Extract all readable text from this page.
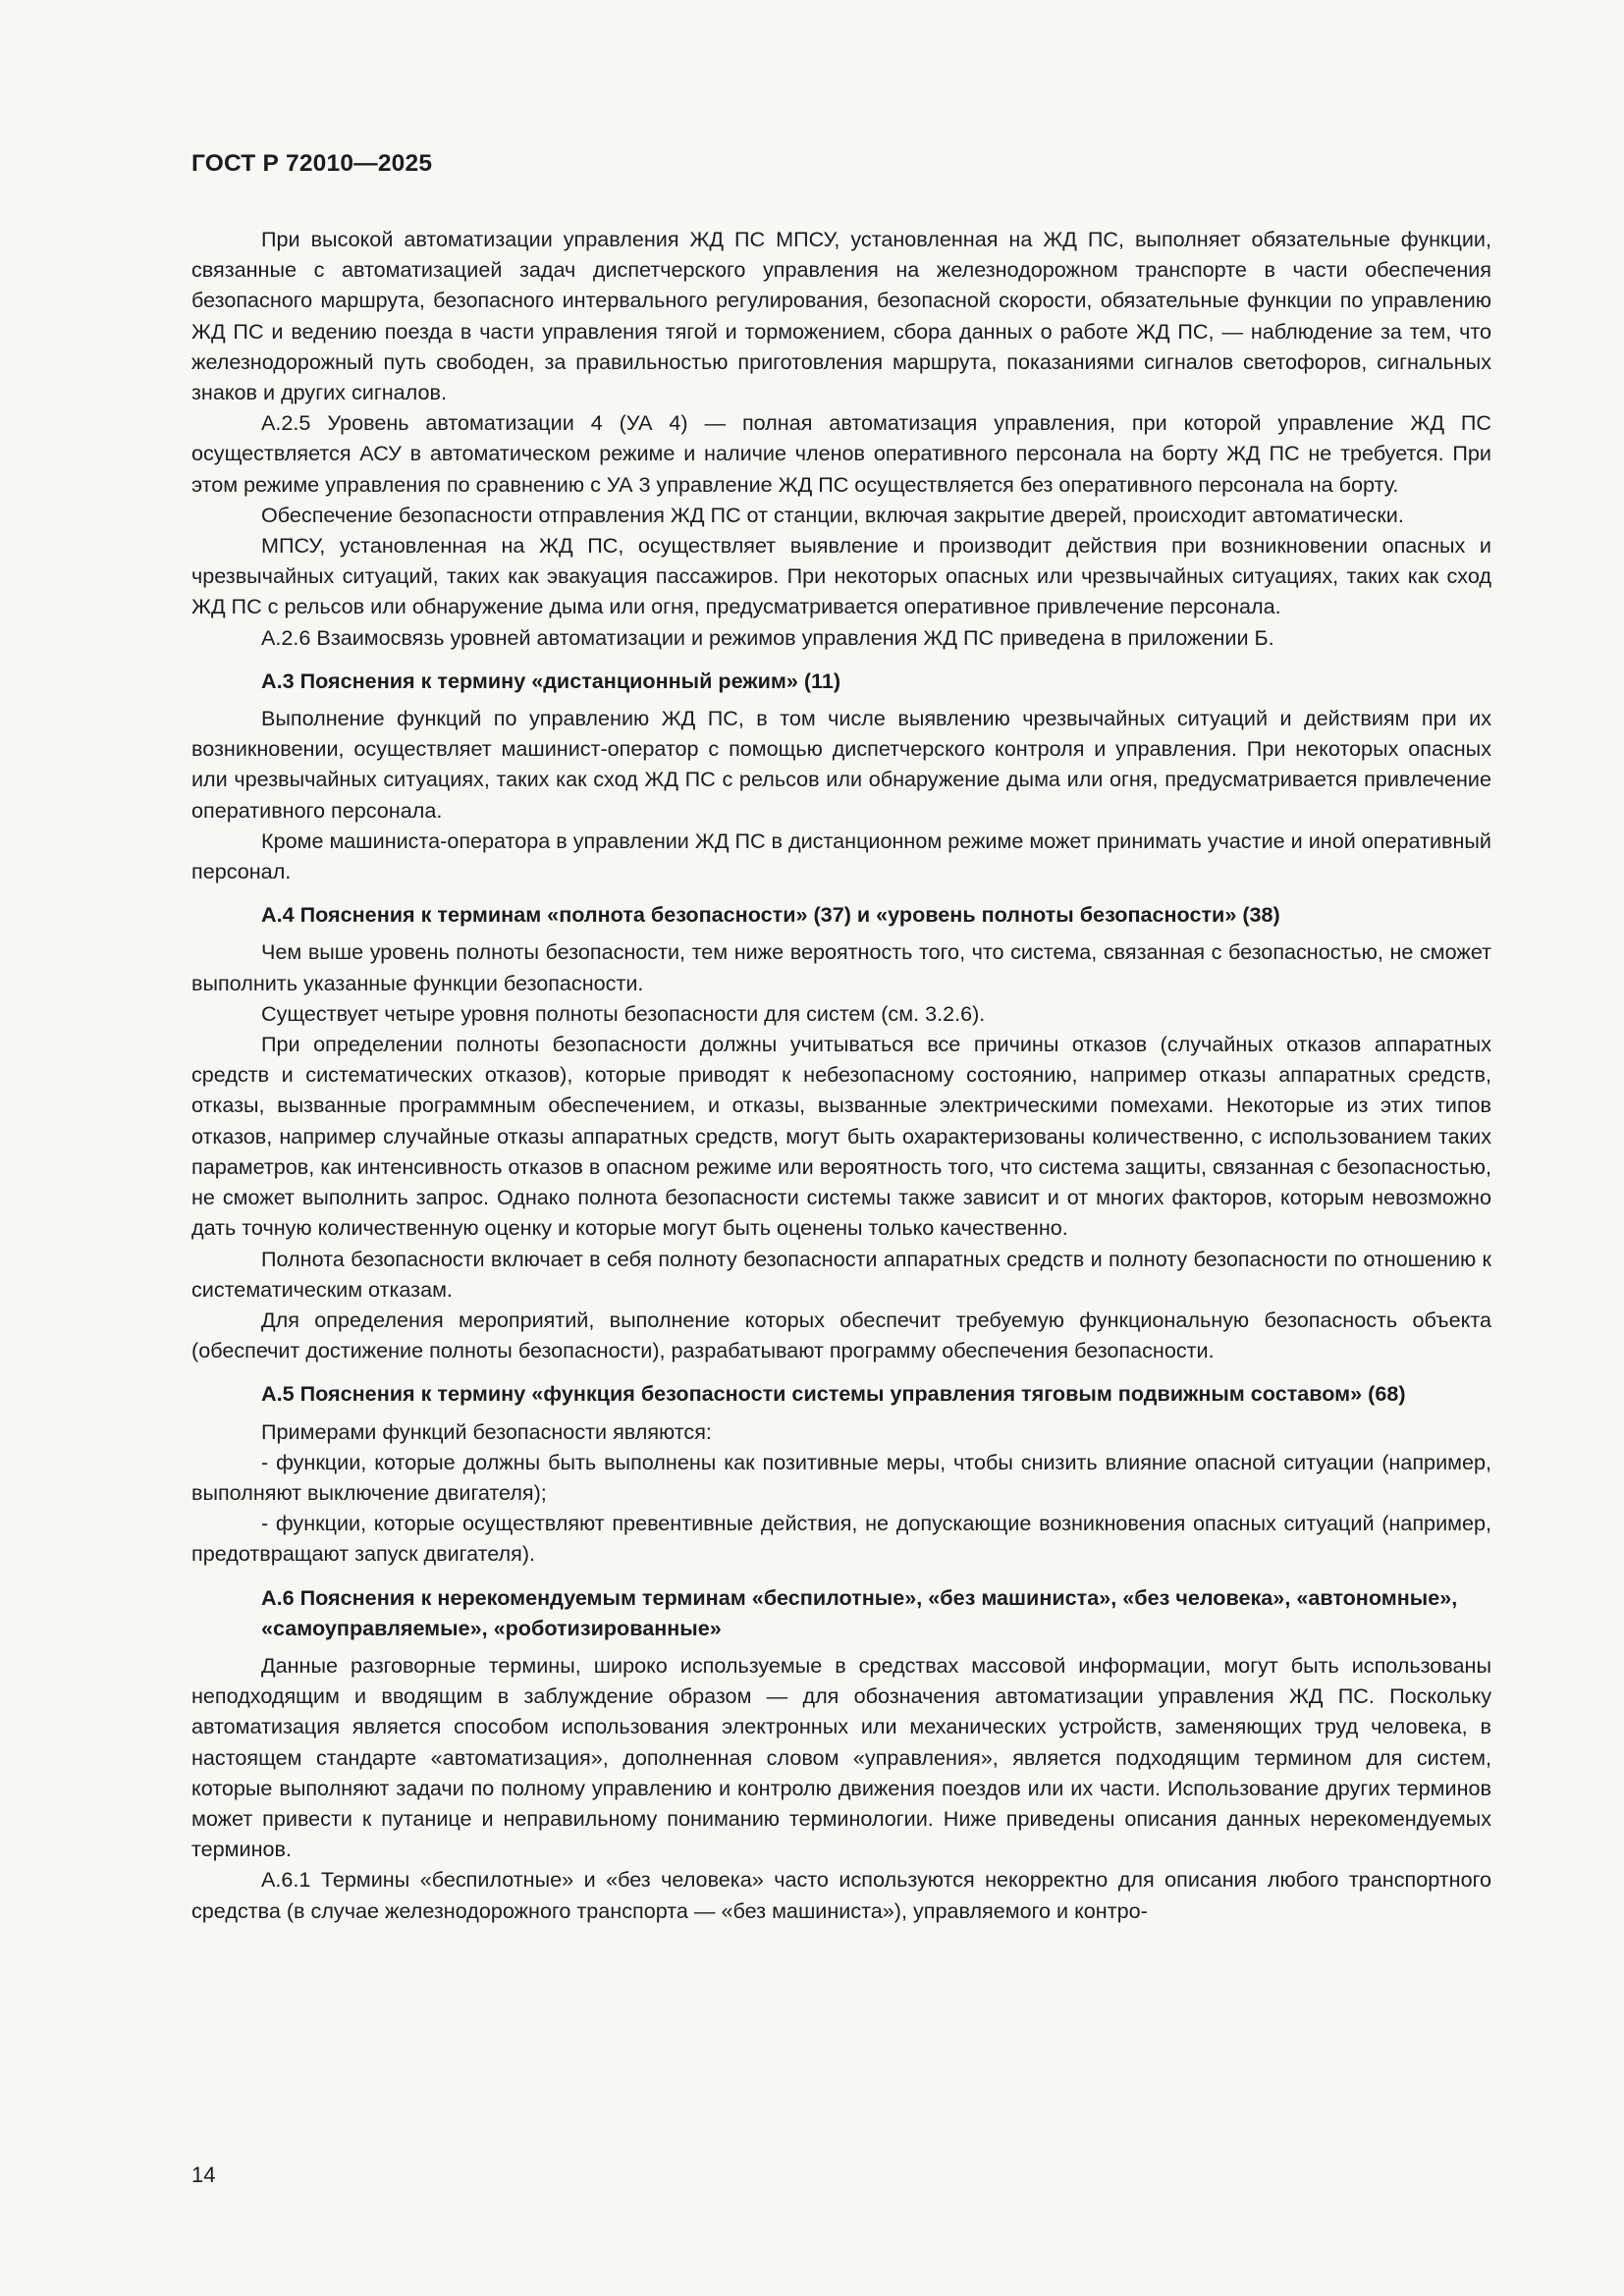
ГОСТ Р 72010—2025

При высокой автоматизации управления ЖД ПС МПСУ, установленная на ЖД ПС, выполняет обязательные функции, связанные с автоматизацией задач диспетчерского управления на железнодорожном транспорте в части обеспечения безопасного маршрута, безопасного интервального регулирования, безопасной скорости, обязательные функции по управлению ЖД ПС и ведению поезда в части управления тягой и торможением, сбора данных о работе ЖД ПС, — наблюдение за тем, что железнодорожный путь свободен, за правильностью приготовления маршрута, показаниями сигналов светофоров, сигнальных знаков и других сигналов.

А.2.5 Уровень автоматизации 4 (УА 4) — полная автоматизация управления, при которой управление ЖД ПС осуществляется АСУ в автоматическом режиме и наличие членов оперативного персонала на борту ЖД ПС не требуется. При этом режиме управления по сравнению с УА 3 управление ЖД ПС осуществляется без оперативного персонала на борту.

Обеспечение безопасности отправления ЖД ПС от станции, включая закрытие дверей, происходит автоматически.

МПСУ, установленная на ЖД ПС, осуществляет выявление и производит действия при возникновении опасных и чрезвычайных ситуаций, таких как эвакуация пассажиров. При некоторых опасных или чрезвычайных ситуациях, таких как сход ЖД ПС с рельсов или обнаружение дыма или огня, предусматривается оперативное привлечение персонала.

А.2.6 Взаимосвязь уровней автоматизации и режимов управления ЖД ПС приведена в приложении Б.

А.3 Пояснения к термину «дистанционный режим» (11)

Выполнение функций по управлению ЖД ПС, в том числе выявлению чрезвычайных ситуаций и действиям при их возникновении, осуществляет машинист-оператор с помощью диспетчерского контроля и управления. При некоторых опасных или чрезвычайных ситуациях, таких как сход ЖД ПС с рельсов или обнаружение дыма или огня, предусматривается привлечение оперативного персонала.

Кроме машиниста-оператора в управлении ЖД ПС в дистанционном режиме может принимать участие и иной оперативный персонал.

А.4 Пояснения к терминам «полнота безопасности» (37) и «уровень полноты безопасности» (38)

Чем выше уровень полноты безопасности, тем ниже вероятность того, что система, связанная с безопасностью, не сможет выполнить указанные функции безопасности.

Существует четыре уровня полноты безопасности для систем (см. 3.2.6).

При определении полноты безопасности должны учитываться все причины отказов (случайных отказов аппаратных средств и систематических отказов), которые приводят к небезопасному состоянию, например отказы аппаратных средств, отказы, вызванные программным обеспечением, и отказы, вызванные электрическими помехами. Некоторые из этих типов отказов, например случайные отказы аппаратных средств, могут быть охарактеризованы количественно, с использованием таких параметров, как интенсивность отказов в опасном режиме или вероятность того, что система защиты, связанная с безопасностью, не сможет выполнить запрос. Однако полнота безопасности системы также зависит и от многих факторов, которым невозможно дать точную количественную оценку и которые могут быть оценены только качественно.

Полнота безопасности включает в себя полноту безопасности аппаратных средств и полноту безопасности по отношению к систематическим отказам.

Для определения мероприятий, выполнение которых обеспечит требуемую функциональную безопасность объекта (обеспечит достижение полноты безопасности), разрабатывают программу обеспечения безопасности.

А.5 Пояснения к термину «функция безопасности системы управления тяговым подвижным составом» (68)

Примерами функций безопасности являются:

- функции, которые должны быть выполнены как позитивные меры, чтобы снизить влияние опасной ситуации (например, выполняют выключение двигателя);

- функции, которые осуществляют превентивные действия, не допускающие возникновения опасных ситуаций (например, предотвращают запуск двигателя).

А.6 Пояснения к нерекомендуемым терминам «беспилотные», «без машиниста», «без человека», «автономные», «самоуправляемые», «роботизированные»

Данные разговорные термины, широко используемые в средствах массовой информации, могут быть использованы неподходящим и вводящим в заблуждение образом — для обозначения автоматизации управления ЖД ПС. Поскольку автоматизация является способом использования электронных или механических устройств, заменяющих труд человека, в настоящем стандарте «автоматизация», дополненная словом «управления», является подходящим термином для систем, которые выполняют задачи по полному управлению и контролю движения поездов или их части. Использование других терминов может привести к путанице и неправильному пониманию терминологии. Ниже приведены описания данных нерекомендуемых терминов.

А.6.1 Термины «беспилотные» и «без человека» часто используются некорректно для описания любого транспортного средства (в случае железнодорожного транспорта — «без машиниста»), управляемого и контро-

14
